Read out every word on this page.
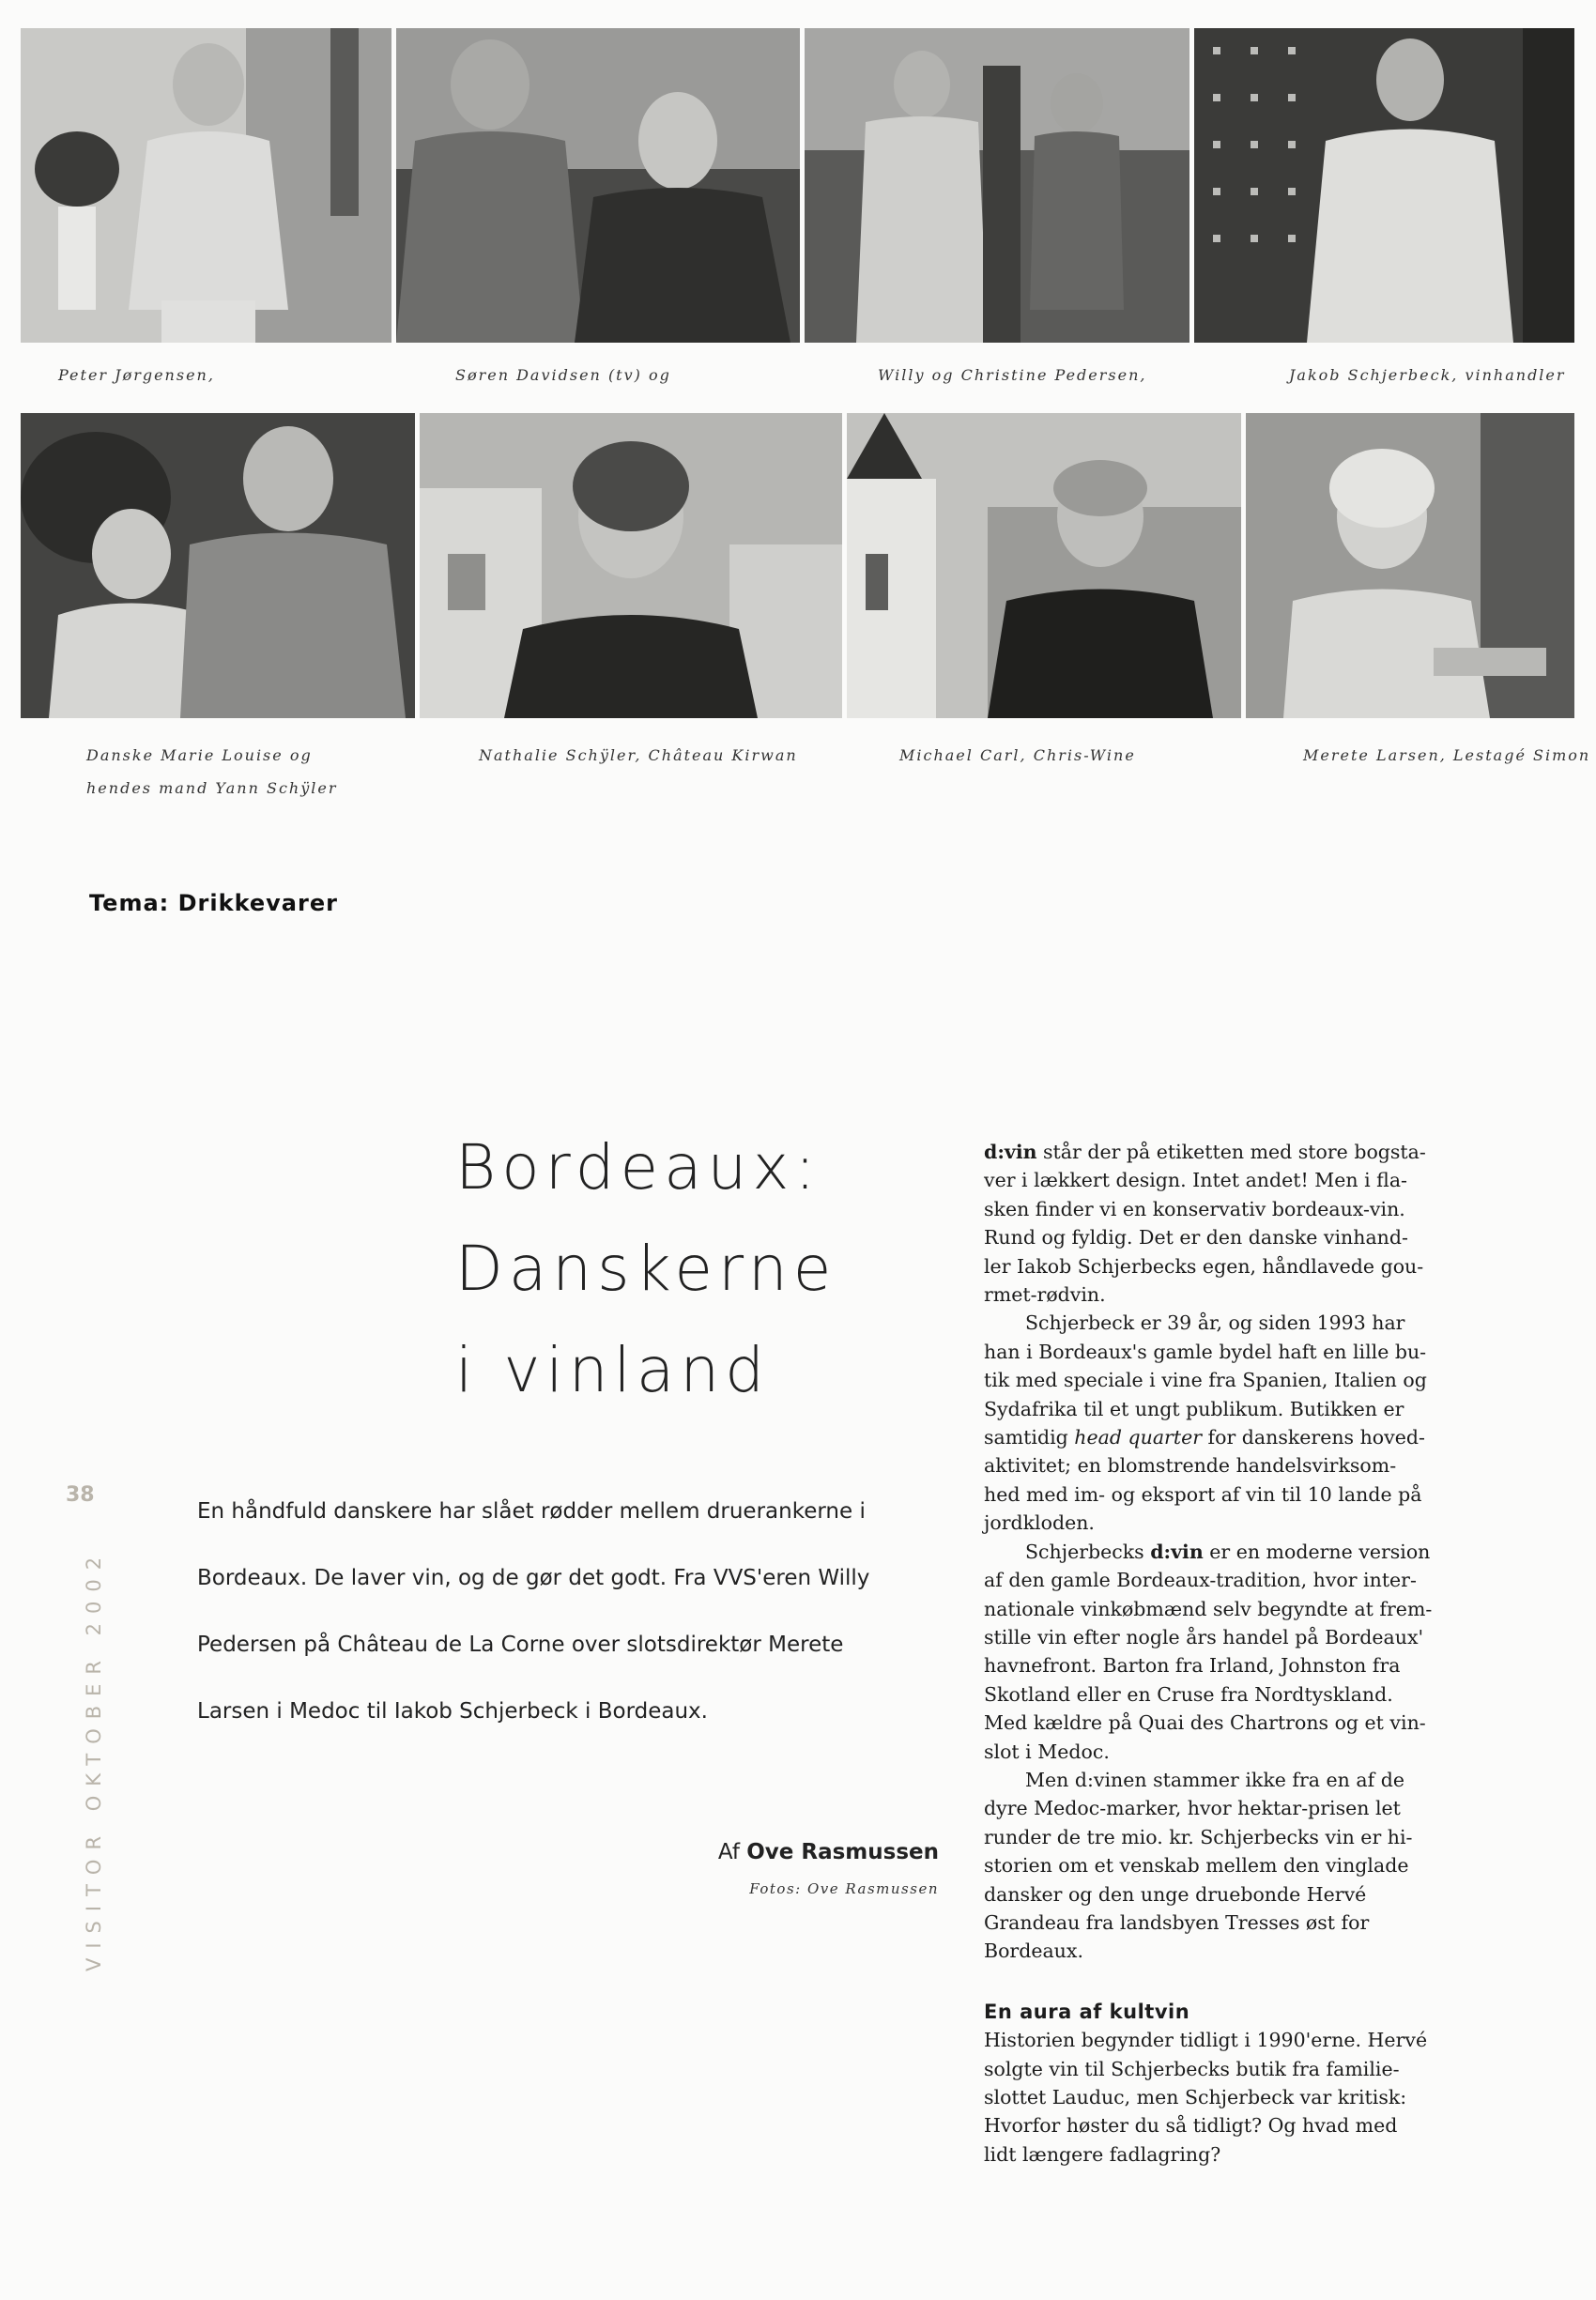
Peter Jørgensen,	Søren Davidsen (tv) og	Willy og Christine Pedersen,	Jakob Schjerbeck, vinhandler
Danske Marie Louise og
hendes mand Yann Schÿler
Nathalie Schÿler, Château Kirwan	Michael Carl, Chris-Wine	Merete Larsen, Lestagé Simon
Tema: Drikkevarer
Bordeaux:
Danskerne
i vinland
38
VISITOR OKTOBER 2002

En håndfuld danskere har slået rødder mellem druerankerne i

Bordeaux. De laver vin, og de gør det godt. Fra VVS'eren Willy

Pedersen på Château de La Corne over slotsdirektør Merete

Larsen i Medoc til Iakob Schjerbeck i Bordeaux.

Af Ove Rasmussen
Fotos: Ove Rasmussen

d:vin står der på etiketten med store bogsta-
ver i lækkert design. Intet andet! Men i fla-
sken finder vi en konservativ bordeaux-vin.
Rund og fyldig. Det er den danske vinhand-
ler Iakob Schjerbecks egen, håndlavede gou-
rmet-rødvin.

Schjerbeck er 39 år, og siden 1993 har
han i Bordeaux's gamle bydel haft en lille bu-
tik med speciale i vine fra Spanien, Italien og
Sydafrika til et ungt publikum. Butikken er
samtidig head quarter for danskerens hoved-
aktivitet; en blomstrende handelsvirksom-
hed med im- og eksport af vin til 10 lande på
jordkloden.

Schjerbecks d:vin er en moderne version
af den gamle Bordeaux-tradition, hvor inter-
nationale vinkøbmænd selv begyndte at frem-
stille vin efter nogle års handel på Bordeaux'
havnefront. Barton fra Irland, Johnston fra
Skotland eller en Cruse fra Nordtyskland.
Med kældre på Quai des Chartrons og et vin-
slot i Medoc.

Men d:vinen stammer ikke fra en af de
dyre Medoc-marker, hvor hektar-prisen let
runder de tre mio. kr. Schjerbecks vin er hi-
storien om et venskab mellem den vinglade
dansker og den unge druebonde Hervé
Grandeau fra landsbyen Tresses øst for
Bordeaux.

En aura af kultvin

Historien begynder tidligt i 1990'erne. Hervé
solgte vin til Schjerbecks butik fra familie-
slottet Lauduc, men Schjerbeck var kritisk:
Hvorfor høster du så tidligt? Og hvad med
lidt længere fadlagring?
